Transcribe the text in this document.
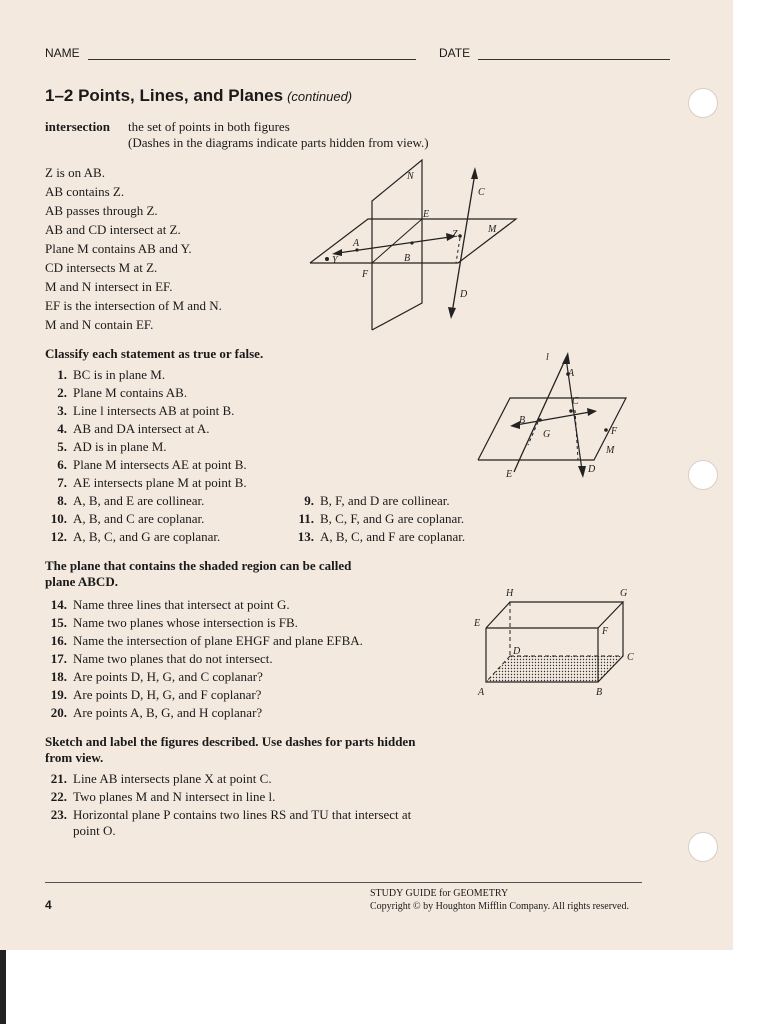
NAME	DATE
1–2 Points, Lines, and Planes (continued)
intersection the set of points in both figures
(Dashes in the diagrams indicate parts hidden from view.)
Z is on AB.
AB contains Z.
AB passes through Z.
AB and CD intersect at Z.
Plane M contains AB and Y.
CD intersects M at Z.
M and N intersect in EF.
EF is the intersection of M and N.
M and N contain EF.
N
C
E
M
Z
A
B
Y
F
D
Classify each statement as true or false.
1. BC is in plane M.
2. Plane M contains AB.
3. Line l intersects AB at point B.
4. AB and DA intersect at A.
5. AD is in plane M.
6. Plane M intersects AE at point B.
7. AE intersects plane M at point B.
8. A, B, and E are collinear.	9. B, F, and D are collinear.
10. A, B, and C are coplanar.	11. B, C, F, and G are coplanar.
12. A, B, C, and G are coplanar.	13. A, B, C, and F are coplanar.
l
A
C
B
G	F
M
E	D
The plane that contains the shaded region can be called
plane ABCD.
14. Name three lines that intersect at point G.
15. Name two planes whose intersection is FB.
16. Name the intersection of plane EHGF and plane EFBA.
17. Name two planes that do not intersect.
18. Are points D, H, G, and C coplanar?
19. Are points D, H, G, and F coplanar?
20. Are points A, B, G, and H coplanar?
H	G
E
F
D
C
A	B
Sketch and label the figures described. Use dashes for parts hidden
from view.
21. Line AB intersects plane X at point C.
22. Two planes M and N intersect in line l.
23. Horizontal plane P contains two lines RS and TU that intersect at
point O.
4
STUDY GUIDE for GEOMETRY
Copyright © by Houghton Mifflin Company. All rights reserved.
